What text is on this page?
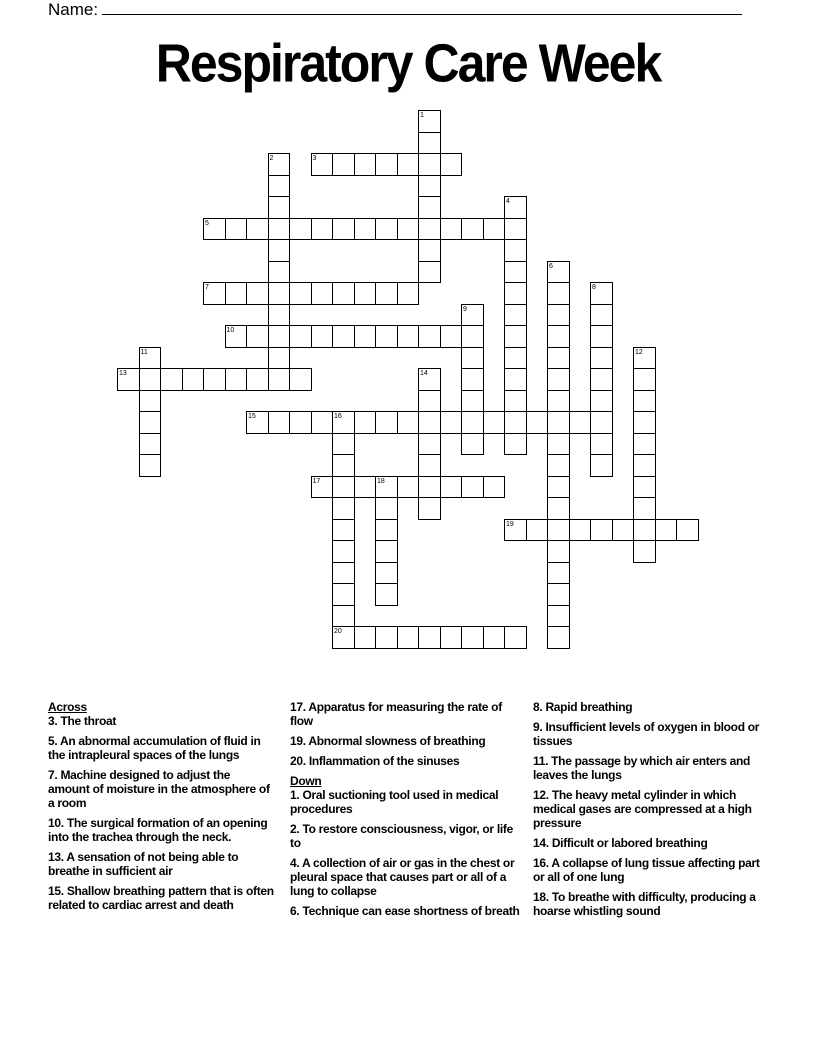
Name:
Respiratory Care Week
1
2	3
4
5
6
7	8
9
10
11	12
13	14
15	16
17	18
19
20
Across
3. The throat
5. An abnormal accumulation of fluid in the intrapleural spaces of the lungs
7. Machine designed to adjust the amount of moisture in the atmosphere of a room
10. The surgical formation of an opening into the trachea through the neck.
13. A sensation of not being able to breathe in sufficient air
15. Shallow breathing pattern that is often related to cardiac arrest and death
17. Apparatus for measuring the rate of flow
19. Abnormal slowness of breathing
20. Inflammation of the sinuses
Down
1. Oral suctioning tool used in medical procedures
2. To restore consciousness, vigor, or life to
4. A collection of air or gas in the chest or pleural space that causes part or all of a lung to collapse
6. Technique can ease shortness of breath
8. Rapid breathing
9. Insufficient levels of oxygen in blood or tissues
11. The passage by which air enters and leaves the lungs
12. The heavy metal cylinder in which medical gases are compressed at a high pressure
14. Difficult or labored breathing
16. A collapse of lung tissue affecting part or all of one lung
18. To breathe with difficulty, producing a hoarse whistling sound
